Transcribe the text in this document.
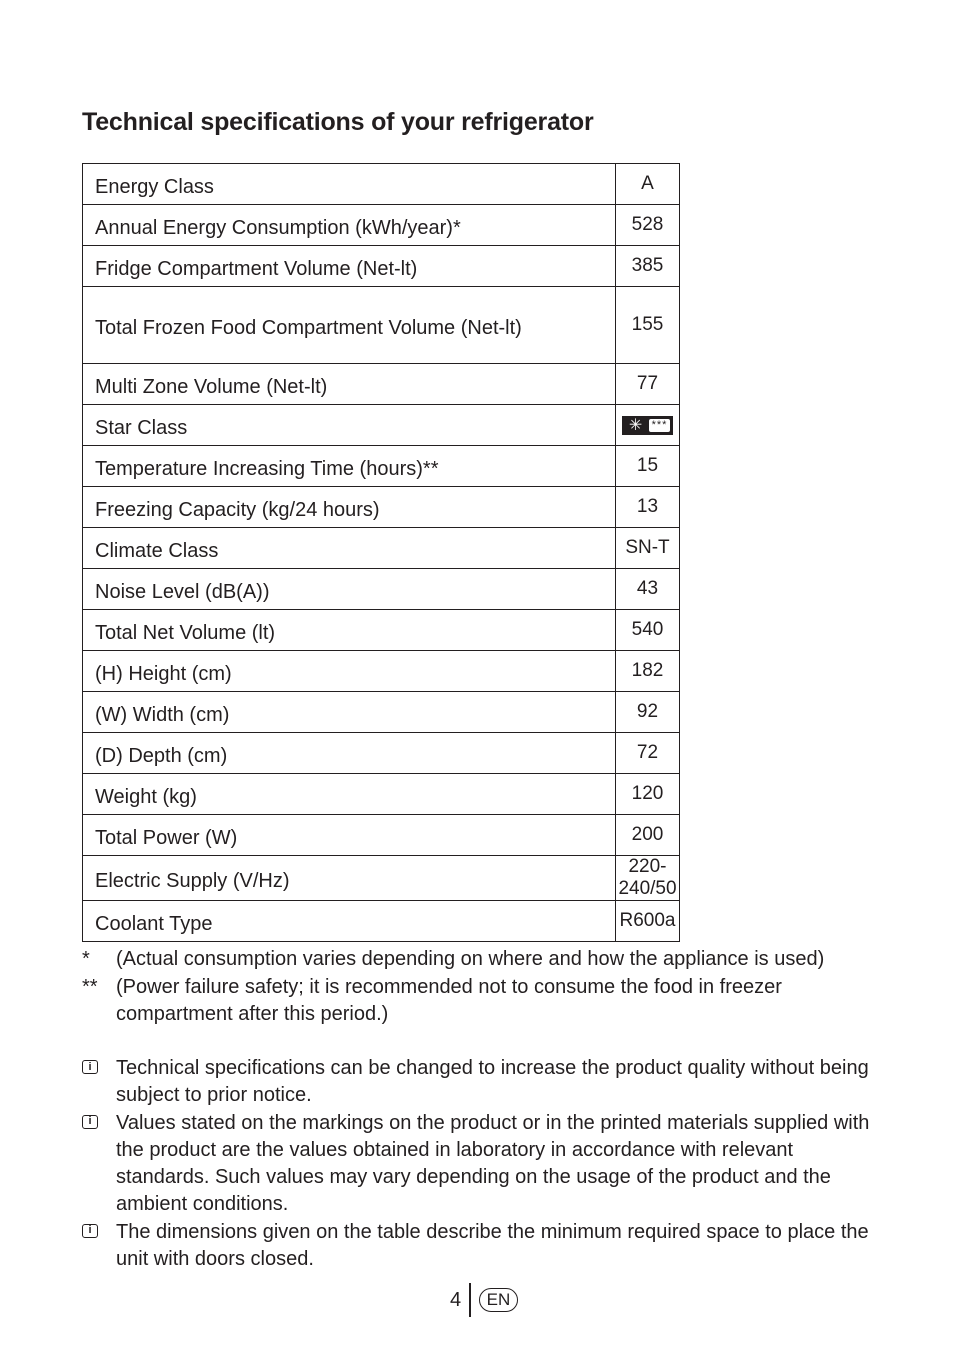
Technical specifications of your refrigerator
Energy Class	A
Annual Energy Consumption (kWh/year)*	528
Fridge Compartment Volume (Net-lt)	385
Total Frozen Food Compartment Volume (Net-lt)	155
Multi Zone Volume (Net-lt)	77
Star Class	✳ ***

Temperature Increasing Time (hours)**	15
Freezing Capacity (kg/24 hours)	13
Climate Class	SN-T
Noise Level (dB(A))	43
Total Net Volume (lt)	540
(H) Height (cm)	182
(W) Width (cm)	92
(D) Depth (cm)	72
Weight (kg)	120
Total Power (W)	200
Electric Supply (V/Hz)	220-240/50
Coolant Type	R600a
* (Actual consumption varies depending on where and how the appliance is used)
** (Power failure safety; it is recommended not to consume the food in freezer compartment after this period.)
i Technical specifications can be changed to increase the product quality without being subject to prior notice.
i Values stated on the markings on the product or in the printed materials supplied with the product are the values obtained in laboratory in accordance with relevant standards. Such values may vary depending on the usage of the product and the ambient conditions.
i The dimensions given on the table describe the minimum required space to place the unit with doors closed.
4	EN
